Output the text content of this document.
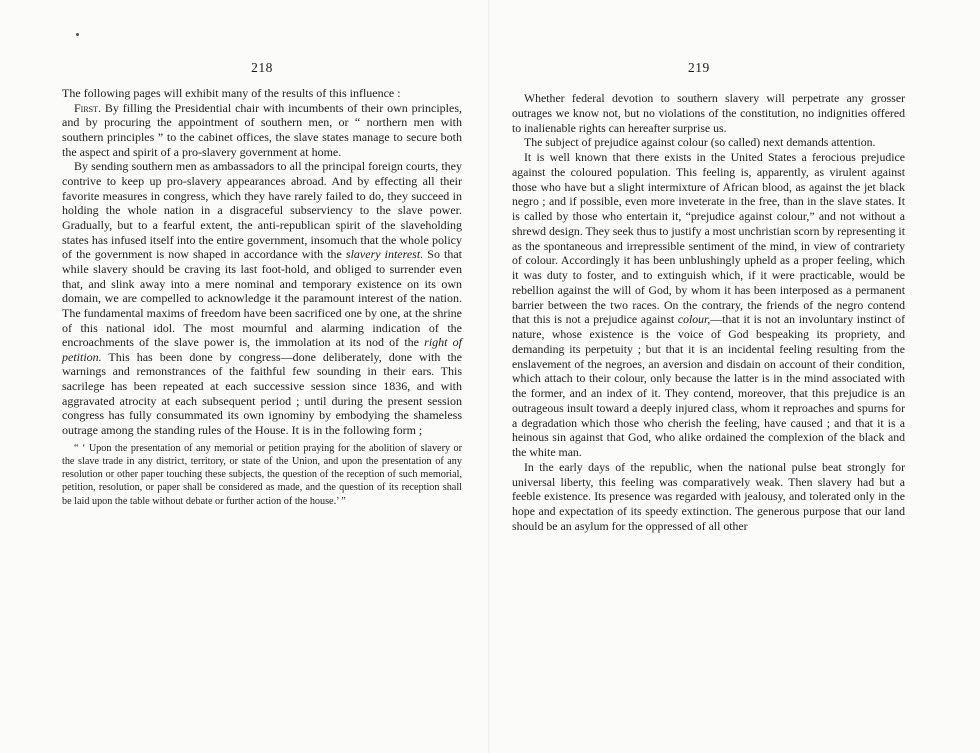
218

The following pages will exhibit many of the results of this influence :

First. By filling the Presidential chair with incumbents of their own principles, and by procuring the appointment of southern men, or “ northern men with southern principles ” to the cabinet offices, the slave states manage to secure both the aspect and spirit of a pro-slavery government at home.

By sending southern men as ambassadors to all the principal foreign courts, they contrive to keep up pro-slavery appearances abroad. And by effecting all their favorite measures in congress, which they have rarely failed to do, they succeed in holding the whole nation in a disgraceful subserviency to the slave power. Gradually, but to a fearful extent, the anti-republican spirit of the slaveholding states has infused itself into the entire government, insomuch that the whole policy of the government is now shaped in accordance with the slavery interest. So that while slavery should be craving its last foot-hold, and obliged to surrender even that, and slink away into a mere nominal and temporary existence on its own domain, we are compelled to acknowledge it the paramount interest of the nation. The fundamental maxims of freedom have been sacrificed one by one, at the shrine of this national idol. The most mournful and alarming indication of the encroachments of the slave power is, the immolation at its nod of the right of petition. This has been done by congress—done deliberately, done with the warnings and remonstrances of the faithful few sounding in their ears. This sacrilege has been repeated at each successive session since 1836, and with aggravated atrocity at each subsequent period ; until during the present session congress has fully consummated its own ignominy by embodying the shameless outrage among the standing rules of the House. It is in the following form ;

“ ‘ Upon the presentation of any memorial or petition praying for the abolition of slavery or the slave trade in any district, territory, or state of the Union, and upon the presentation of any resolution or other paper touching these subjects, the question of the reception of such memorial, petition, resolution, or paper shall be considered as made, and the question of its reception shall be laid upon the table without debate or further action of the house.’ ”

219

Whether federal devotion to southern slavery will perpetrate any grosser outrages we know not, but no violations of the constitution, no indignities offered to inalienable rights can hereafter surprise us.

The subject of prejudice against colour (so called) next demands attention.

It is well known that there exists in the United States a ferocious prejudice against the coloured population. This feeling is, apparently, as virulent against those who have but a slight intermixture of African blood, as against the jet black negro ; and if possible, even more inveterate in the free, than in the slave states. It is called by those who entertain it, “prejudice against colour,” and not without a shrewd design. They seek thus to justify a most unchristian scorn by representing it as the spontaneous and irrepressible sentiment of the mind, in view of contrariety of colour. Accordingly it has been unblushingly upheld as a proper feeling, which it was duty to foster, and to extinguish which, if it were practicable, would be rebellion against the will of God, by whom it has been interposed as a permanent barrier between the two races. On the contrary, the friends of the negro contend that this is not a prejudice against colour,—that it is not an involuntary instinct of nature, whose existence is the voice of God bespeaking its propriety, and demanding its perpetuity ; but that it is an incidental feeling resulting from the enslavement of the negroes, an aversion and disdain on account of their condition, which attach to their colour, only because the latter is in the mind associated with the former, and an index of it. They contend, moreover, that this prejudice is an outrageous insult toward a deeply injured class, whom it reproaches and spurns for a degradation which those who cherish the feeling, have caused ; and that it is a heinous sin against that God, who alike ordained the complexion of the black and the white man.

In the early days of the republic, when the national pulse beat strongly for universal liberty, this feeling was comparatively weak. Then slavery had but a feeble existence. Its presence was regarded with jealousy, and tolerated only in the hope and expectation of its speedy extinction. The generous purpose that our land should be an asylum for the oppressed of all other
